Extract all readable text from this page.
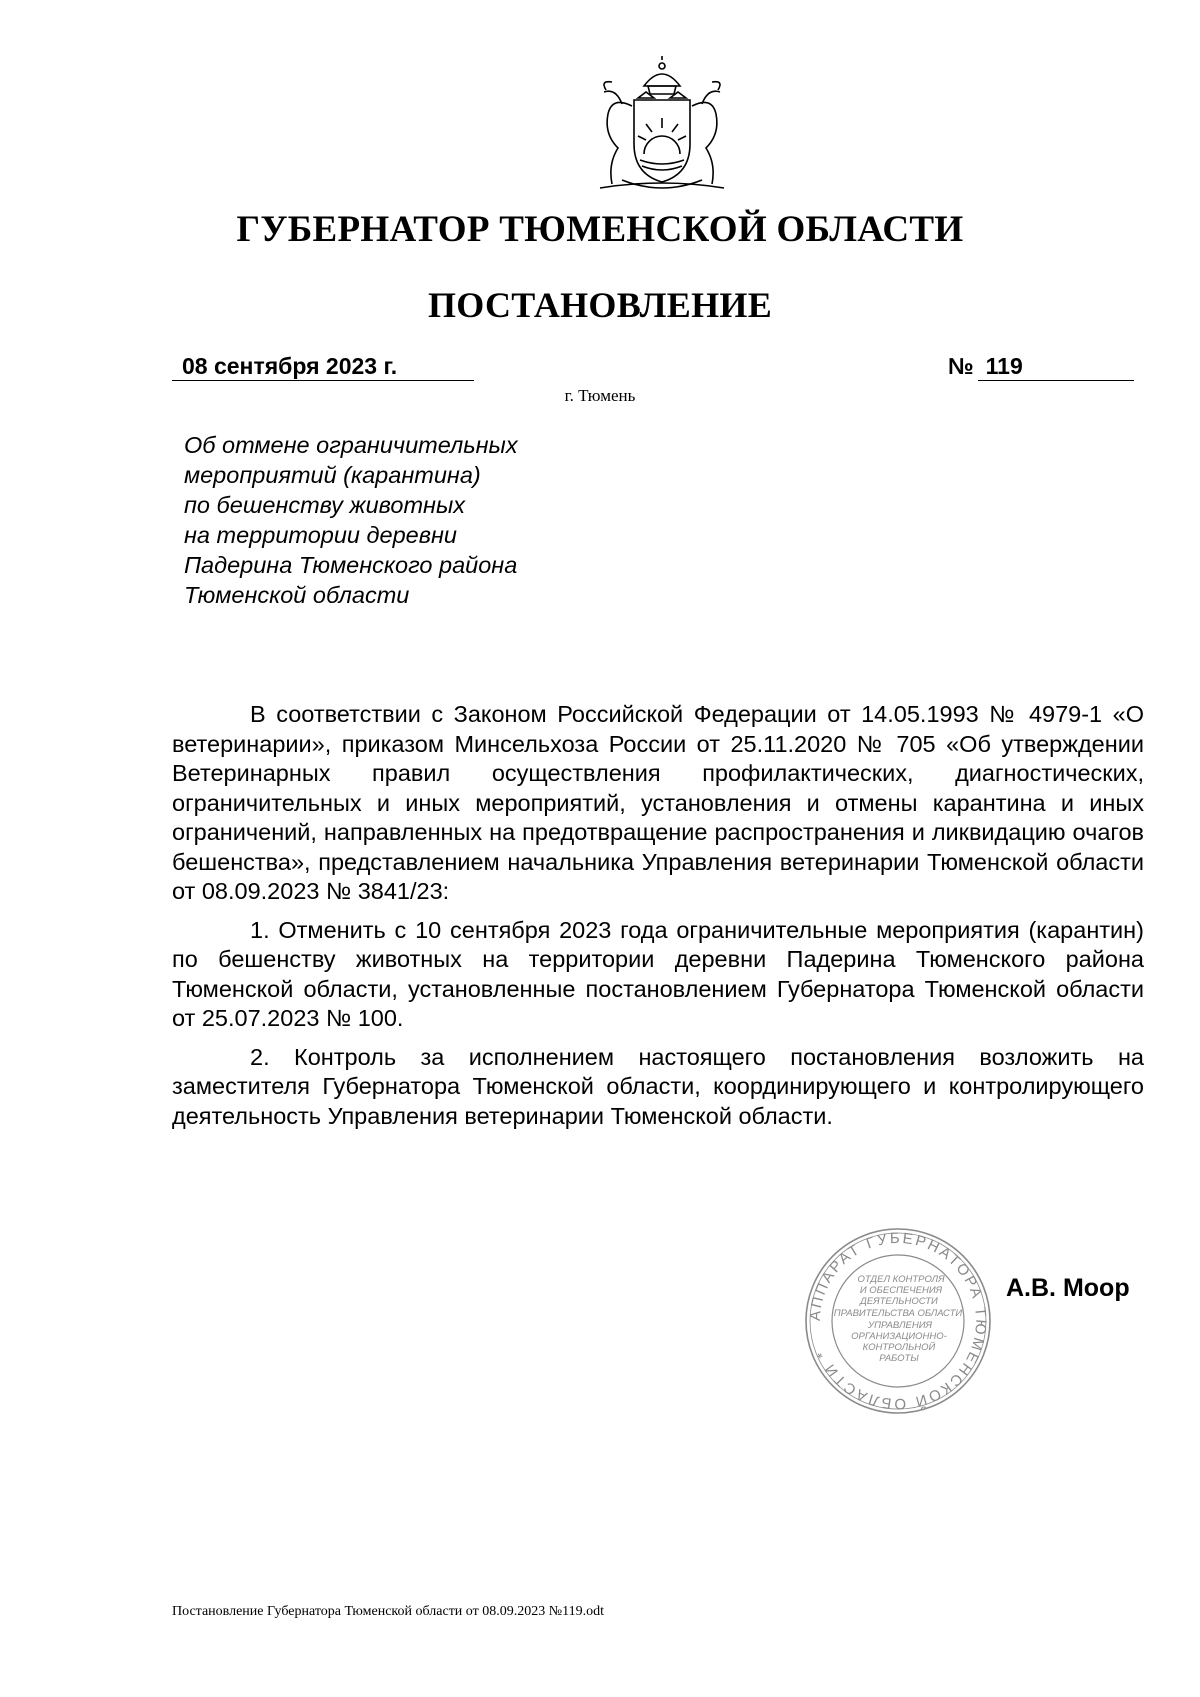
ГУБЕРНАТОР ТЮМЕНСКОЙ ОБЛАСТИ
ПОСТАНОВЛЕНИЕ
08 сентября 2023 г.	№ 119
г. Тюмень
Об отмене ограничительных
мероприятий (карантина)
по бешенству животных
на территории деревни
Падерина Тюменского района
Тюменской области

В соответствии с Законом Российской Федерации от 14.05.1993 № 4979-1 «О ветеринарии», приказом Минсельхоза России от 25.11.2020 № 705 «Об утверждении Ветеринарных правил осуществления профилактических, диагностических, ограничительных и иных мероприятий, установления и отмены карантина и иных ограничений, направленных на предотвращение распространения и ликвидацию очагов бешенства», представлением начальника Управления ветеринарии Тюменской области от 08.09.2023 № 3841/23:

1. Отменить с 10 сентября 2023 года ограничительные мероприятия (карантин) по бешенству животных на территории деревни Падерина Тюменского района Тюменской области, установленные постановлением Губернатора Тюменской области от 25.07.2023 № 100.

2. Контроль за исполнением настоящего постановления возложить на заместителя Губернатора Тюменской области, координирующего и контролирующего деятельность Управления ветеринарии Тюменской области.

АППАРАТ ГУБЕРНАТОРА ТЮМЕНСКОЙ ОБЛАСТИ *
ОТДЕЛ КОНТРОЛЯ
И ОБЕСПЕЧЕНИЯ
ДЕЯТЕЛЬНОСТИ
ПРАВИТЕЛЬСТВА ОБЛАСТИ
УПРАВЛЕНИЯ
ОРГАНИЗАЦИОННО-
КОНТРОЛЬНОЙ
РАБОТЫ
А.В. Моор
Постановление Губернатора Тюменской области от 08.09.2023 №119.odt
